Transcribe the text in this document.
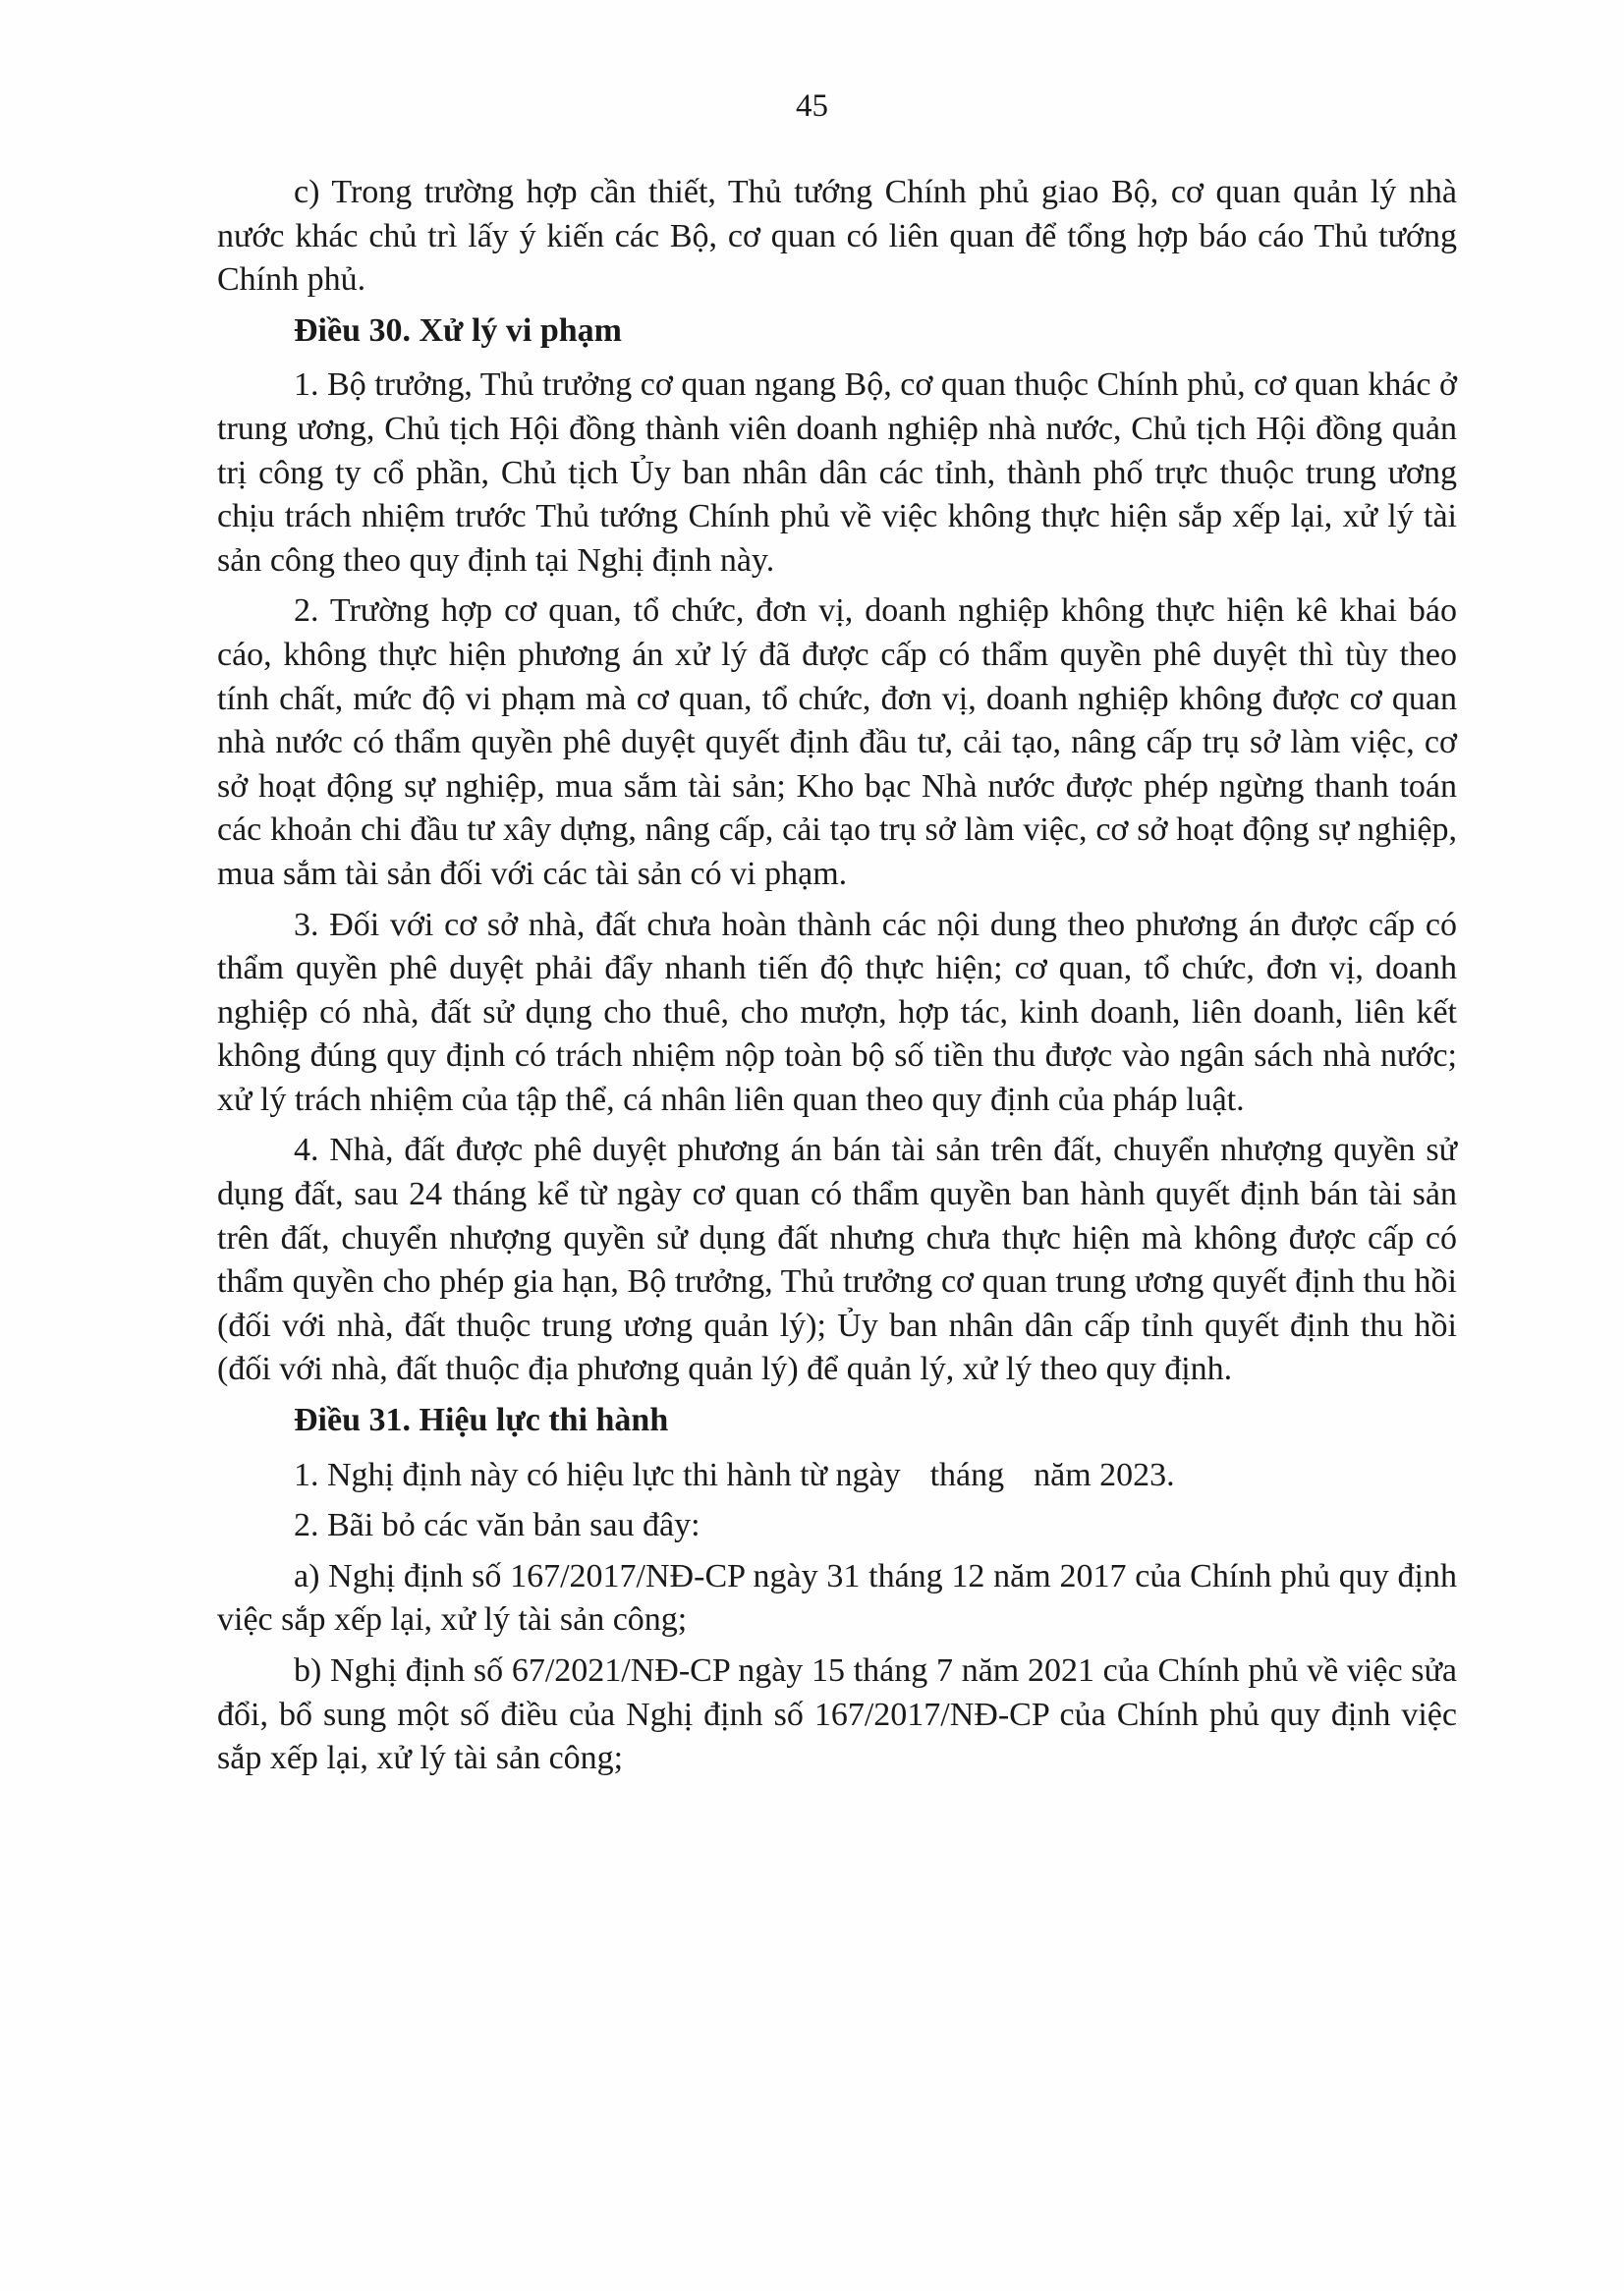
45

c) Trong trường hợp cần thiết, Thủ tướng Chính phủ giao Bộ, cơ quan quản lý nhà nước khác chủ trì lấy ý kiến các Bộ, cơ quan có liên quan để tổng hợp báo cáo Thủ tướng Chính phủ.

Điều 30. Xử lý vi phạm

1. Bộ trưởng, Thủ trưởng cơ quan ngang Bộ, cơ quan thuộc Chính phủ, cơ quan khác ở trung ương, Chủ tịch Hội đồng thành viên doanh nghiệp nhà nước, Chủ tịch Hội đồng quản trị công ty cổ phần, Chủ tịch Ủy ban nhân dân các tỉnh, thành phố trực thuộc trung ương chịu trách nhiệm trước Thủ tướng Chính phủ về việc không thực hiện sắp xếp lại, xử lý tài sản công theo quy định tại Nghị định này.

2. Trường hợp cơ quan, tổ chức, đơn vị, doanh nghiệp không thực hiện kê khai báo cáo, không thực hiện phương án xử lý đã được cấp có thẩm quyền phê duyệt thì tùy theo tính chất, mức độ vi phạm mà cơ quan, tổ chức, đơn vị, doanh nghiệp không được cơ quan nhà nước có thẩm quyền phê duyệt quyết định đầu tư, cải tạo, nâng cấp trụ sở làm việc, cơ sở hoạt động sự nghiệp, mua sắm tài sản; Kho bạc Nhà nước được phép ngừng thanh toán các khoản chi đầu tư xây dựng, nâng cấp, cải tạo trụ sở làm việc, cơ sở hoạt động sự nghiệp, mua sắm tài sản đối với các tài sản có vi phạm.

3. Đối với cơ sở nhà, đất chưa hoàn thành các nội dung theo phương án được cấp có thẩm quyền phê duyệt phải đẩy nhanh tiến độ thực hiện; cơ quan, tổ chức, đơn vị, doanh nghiệp có nhà, đất sử dụng cho thuê, cho mượn, hợp tác, kinh doanh, liên doanh, liên kết không đúng quy định có trách nhiệm nộp toàn bộ số tiền thu được vào ngân sách nhà nước; xử lý trách nhiệm của tập thể, cá nhân liên quan theo quy định của pháp luật.

4. Nhà, đất được phê duyệt phương án bán tài sản trên đất, chuyển nhượng quyền sử dụng đất, sau 24 tháng kể từ ngày cơ quan có thẩm quyền ban hành quyết định bán tài sản trên đất, chuyển nhượng quyền sử dụng đất nhưng chưa thực hiện mà không được cấp có thẩm quyền cho phép gia hạn, Bộ trưởng, Thủ trưởng cơ quan trung ương quyết định thu hồi (đối với nhà, đất thuộc trung ương quản lý); Ủy ban nhân dân cấp tỉnh quyết định thu hồi (đối với nhà, đất thuộc địa phương quản lý) để quản lý, xử lý theo quy định.

Điều 31. Hiệu lực thi hành

1. Nghị định này có hiệu lực thi hành từ ngày tháng năm 2023.

2. Bãi bỏ các văn bản sau đây:

a) Nghị định số 167/2017/NĐ-CP ngày 31 tháng 12 năm 2017 của Chính phủ quy định việc sắp xếp lại, xử lý tài sản công;

b) Nghị định số 67/2021/NĐ-CP ngày 15 tháng 7 năm 2021 của Chính phủ về việc sửa đổi, bổ sung một số điều của Nghị định số 167/2017/NĐ-CP của Chính phủ quy định việc sắp xếp lại, xử lý tài sản công;
